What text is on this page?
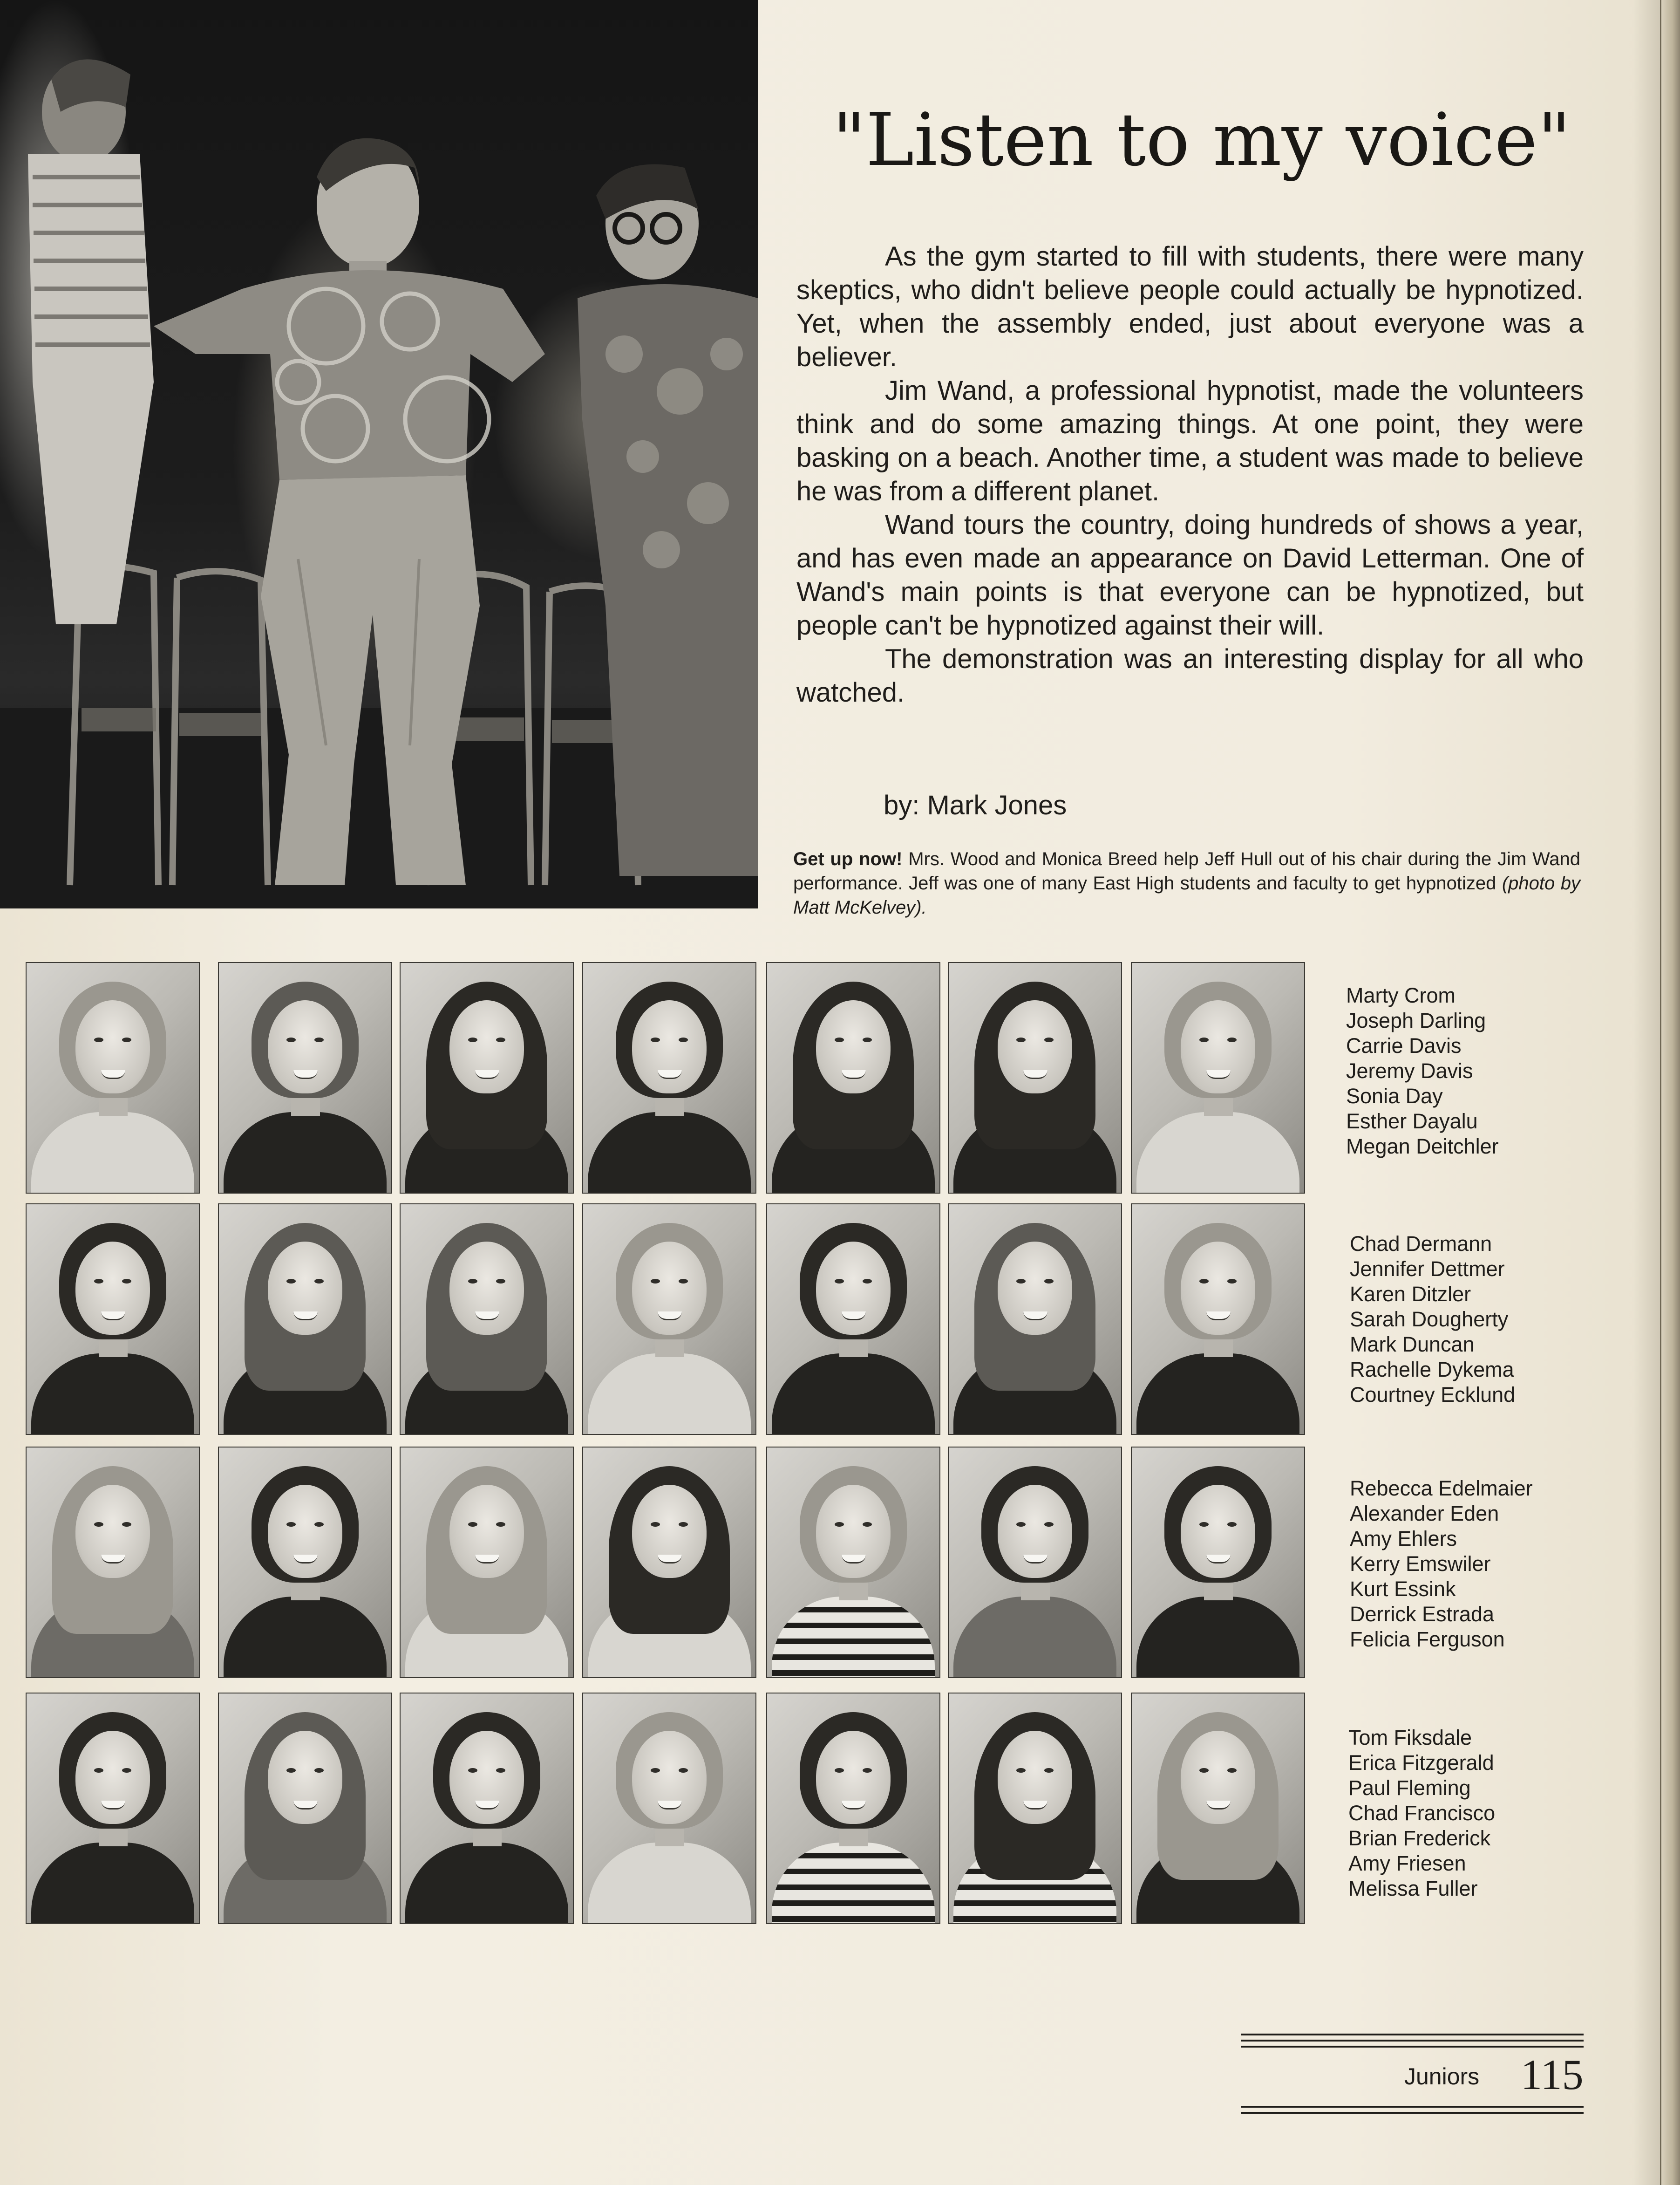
"Listen to my voice"

As the gym started to fill with students, there were many skeptics, who didn't believe people could actually be hypnotized. Yet, when the assembly ended, just about everyone was a believer.

Jim Wand, a professional hypnotist, made the volunteers think and do some amazing things. At one point, they were basking on a beach. Another time, a student was made to believe he was from a different planet.

Wand tours the country, doing hundreds of shows a year, and has even made an appearance on David Letterman. One of Wand's main points is that everyone can be hypnotized, but people can't be hypnotized against their will.

The demonstration was an interesting display for all who watched.

by: Mark Jones
Get up now! Mrs. Wood and Monica Breed help Jeff Hull out of his chair during the Jim Wand performance. Jeff was one of many East High students and faculty to get hypnotized (photo by Matt McKelvey).
Marty Crom
Joseph Darling
Carrie Davis
Jeremy Davis
Sonia Day
Esther Dayalu
Megan Deitchler
Chad Dermann
Jennifer Dettmer
Karen Ditzler
Sarah Dougherty
Mark Duncan
Rachelle Dykema
Courtney Ecklund
Rebecca Edelmaier
Alexander Eden
Amy Ehlers
Kerry Emswiler
Kurt Essink
Derrick Estrada
Felicia Ferguson
Tom Fiksdale
Erica Fitzgerald
Paul Fleming
Chad Francisco
Brian Frederick
Amy Friesen
Melissa Fuller
Juniors 115
